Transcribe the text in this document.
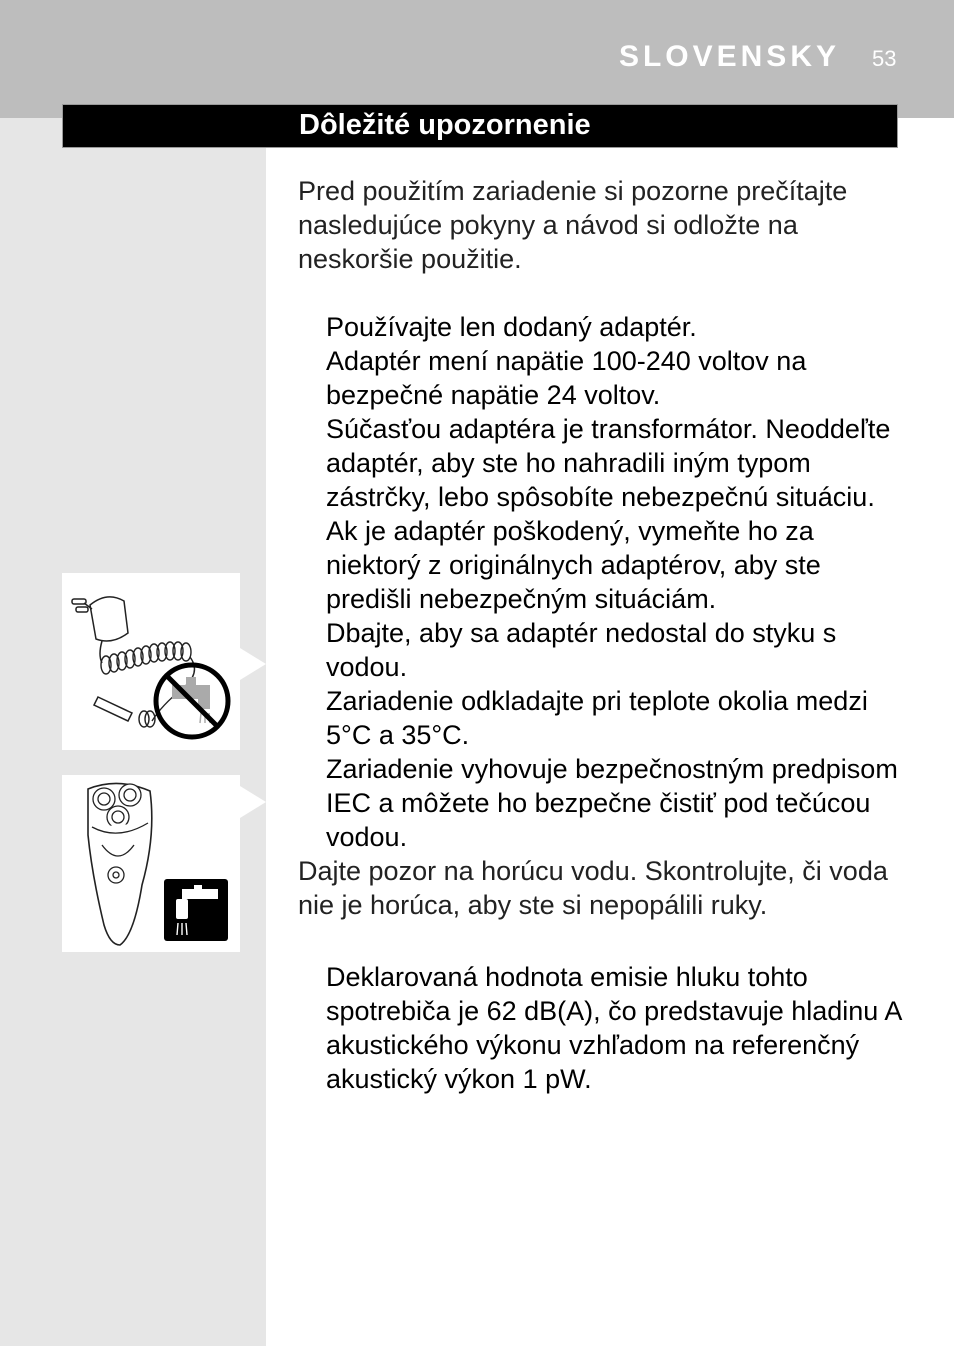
SLOVENSKY 53
Dôležité upozornenie

Pred použitím zariadenie si pozorne prečítajte nasledujúce pokyny a návod si odložte na neskoršie použitie.

Používajte len dodaný adaptér.
Adaptér mení napätie 100-240 voltov na bezpečné napätie 24 voltov.
Súčasťou adaptéra je transformátor. Neoddeľte adaptér, aby ste ho nahradili iným typom zástrčky, lebo spôsobíte nebezpečnú situáciu.
Ak je adaptér poškodený, vymeňte ho za niektorý z originálnych adaptérov, aby ste predišli nebezpečným situáciám.
Dbajte, aby sa adaptér nedostal do styku s vodou.
Zariadenie odkladajte pri teplote okolia medzi 5°C a 35°C.
Zariadenie vyhovuje bezpečnostným predpisom IEC a môžete ho bezpečne čistiť pod tečúcou vodou.

Dajte pozor na horúcu vodu. Skontrolujte, či voda nie je horúca, aby ste si nepopálili ruky.

Deklarovaná hodnota emisie hluku tohto spotrebiča je 62 dB(A), čo predstavuje hladinu A akustického výkonu vzhľadom na referenčný akustický výkon 1 pW.
